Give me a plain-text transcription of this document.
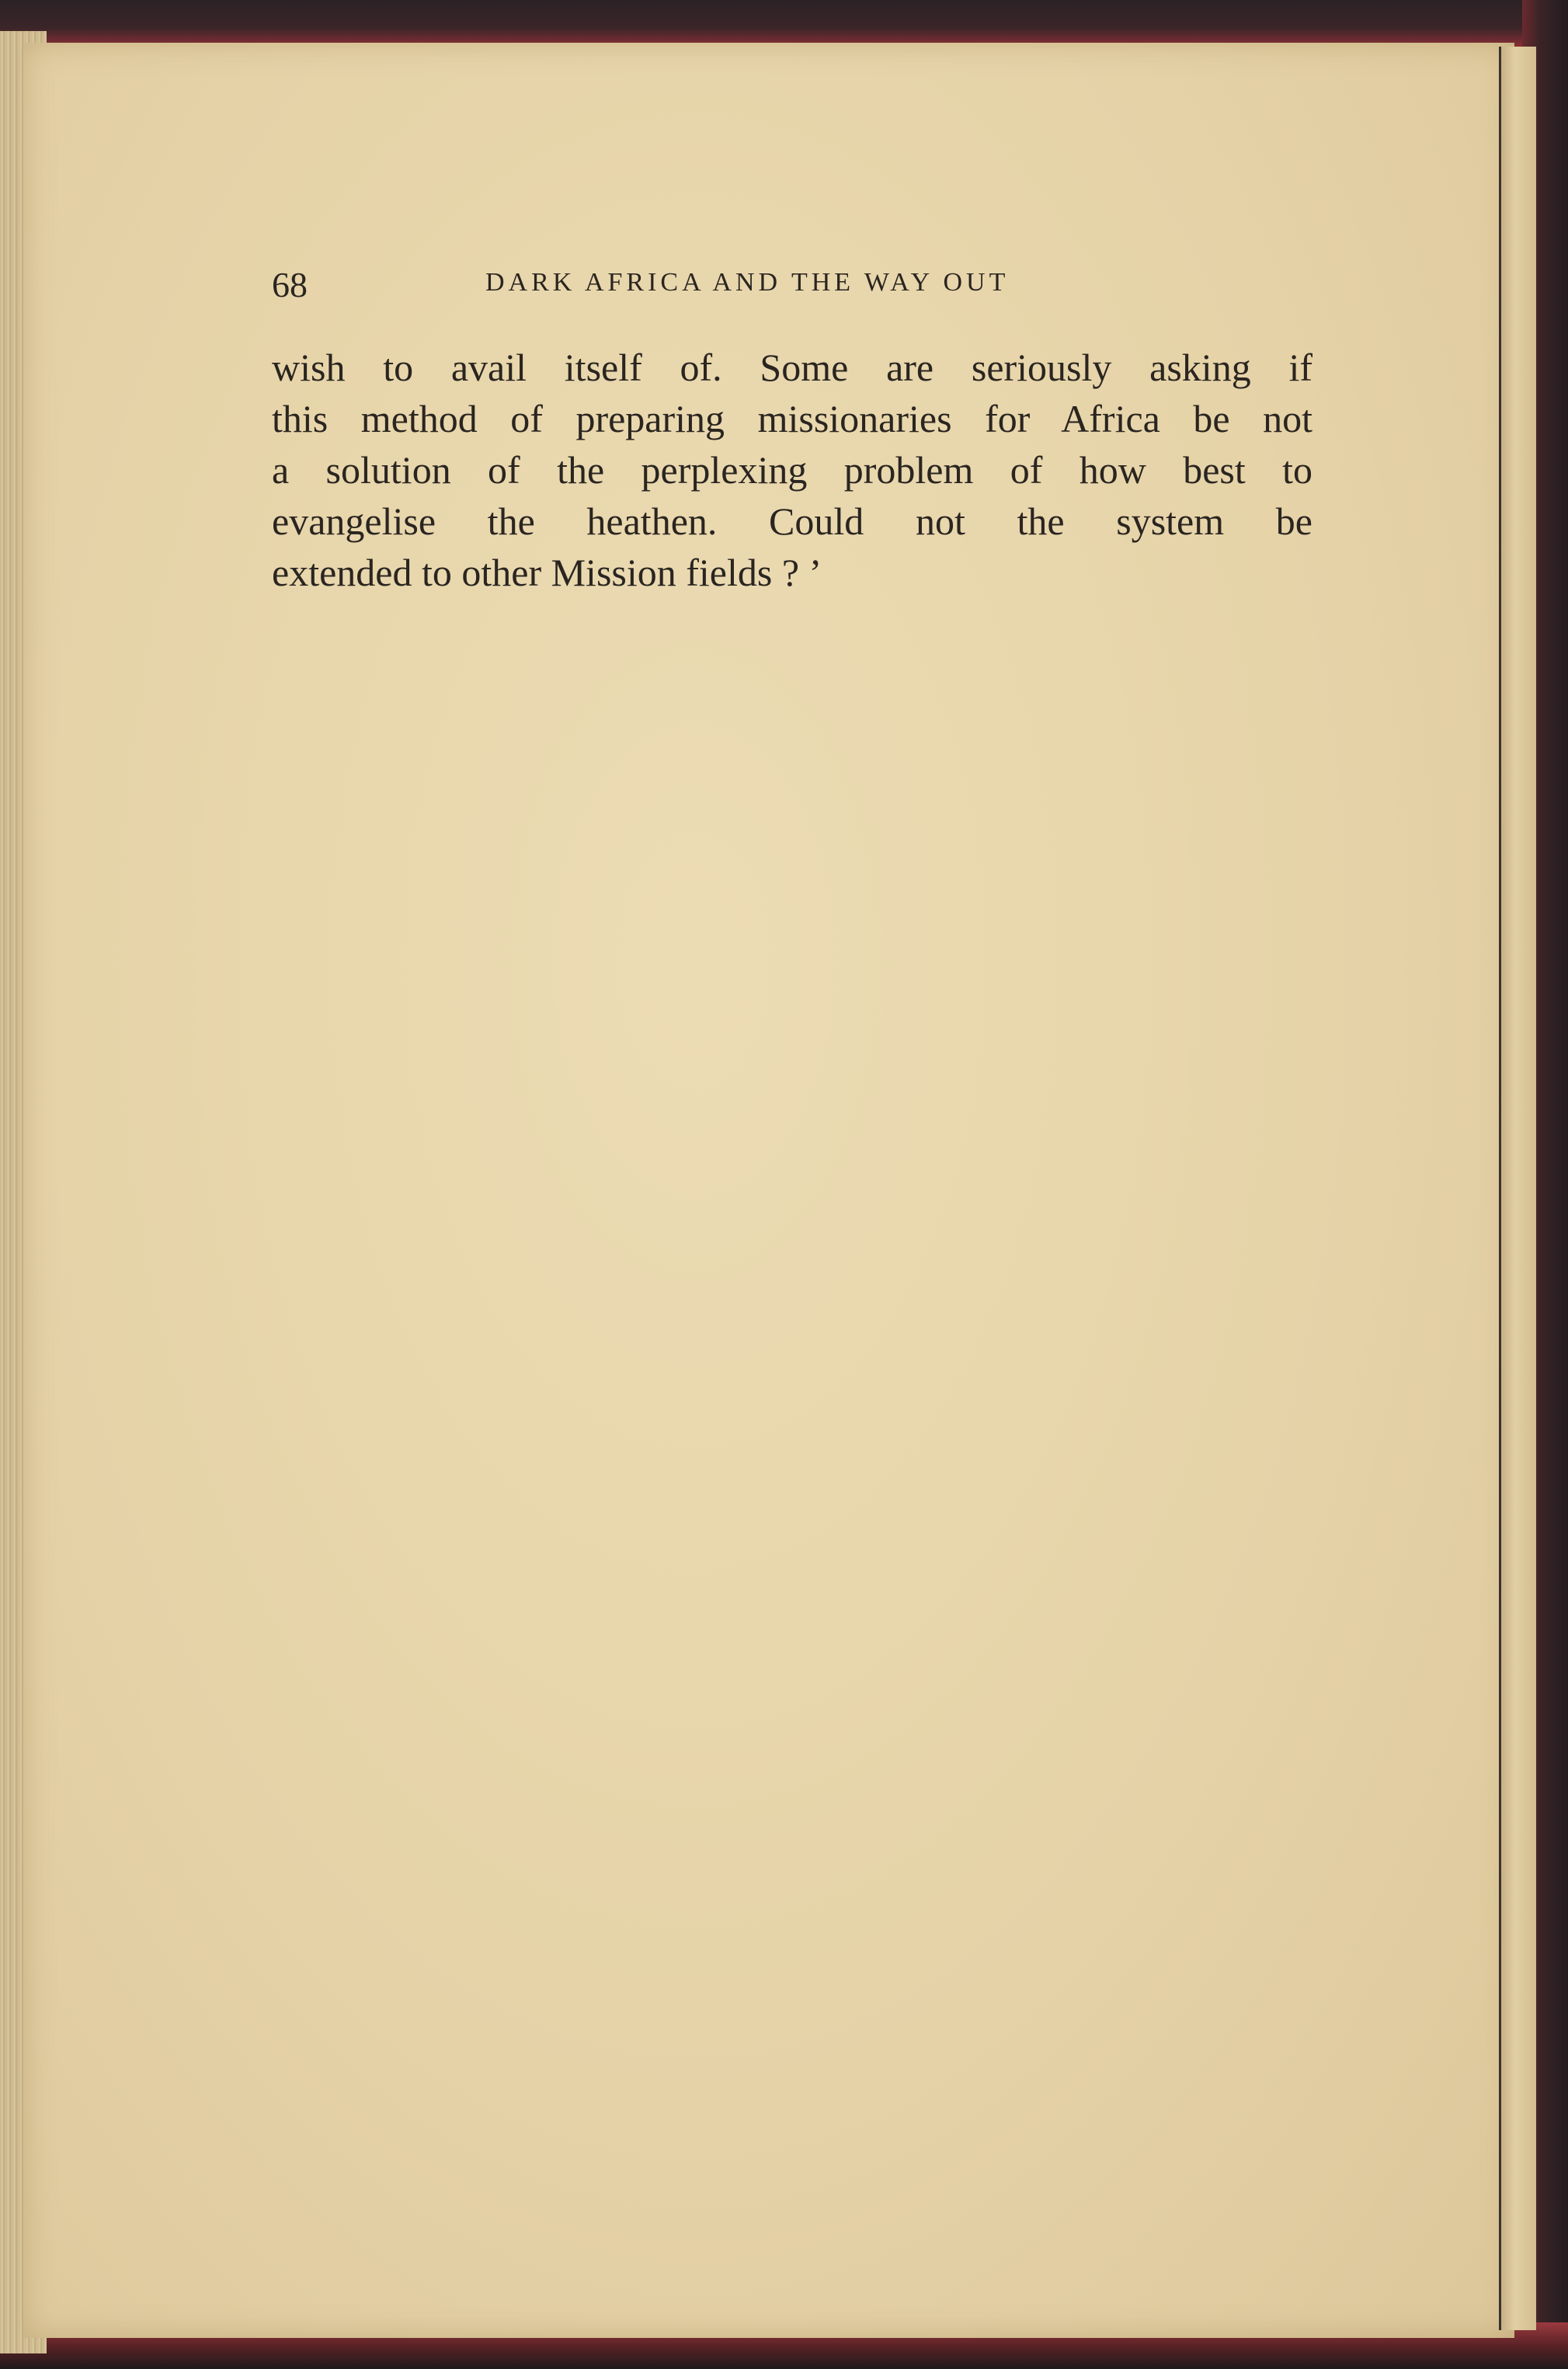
68	DARK AFRICA AND THE WAY OUT
wish to avail itself of. Some are seriously asking if
this method of preparing missionaries for Africa be not
a solution of the perplexing problem of how best to
evangelise the heathen. Could not the system be
extended to other Mission fields ? ’
